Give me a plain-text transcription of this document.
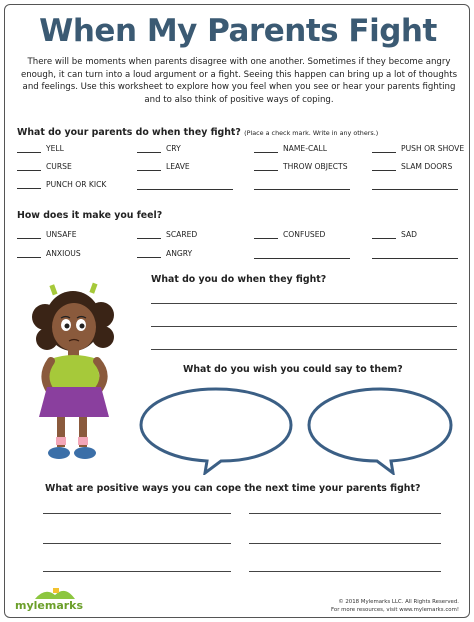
When My Parents Fight
There will be moments when parents disagree with one another. Sometimes if they become angry enough, it can turn into a loud argument or a fight. Seeing this happen can bring up a lot of thoughts and feelings. Use this worksheet to explore how you feel when you see or hear your parents fighting and to also think of positive ways of coping.
What do your parents do when they fight? (Place a check mark. Write in any others.)
YELL	CRY	NAME-CALL	PUSH OR SHOVE
CURSE	LEAVE	THROW OBJECTS	SLAM DOORS
PUNCH OR KICK
How does it make you feel?
UNSAFE	SCARED	CONFUSED	SAD
ANXIOUS	ANGRY
What do you do when they fight?
What do you wish you could say to them?
What are positive ways you can cope the next time your parents fight?
mylemarks	© 2018 Mylemarks LLC. All Rights Reserved.
For more resources, visit www.mylemarks.com!
